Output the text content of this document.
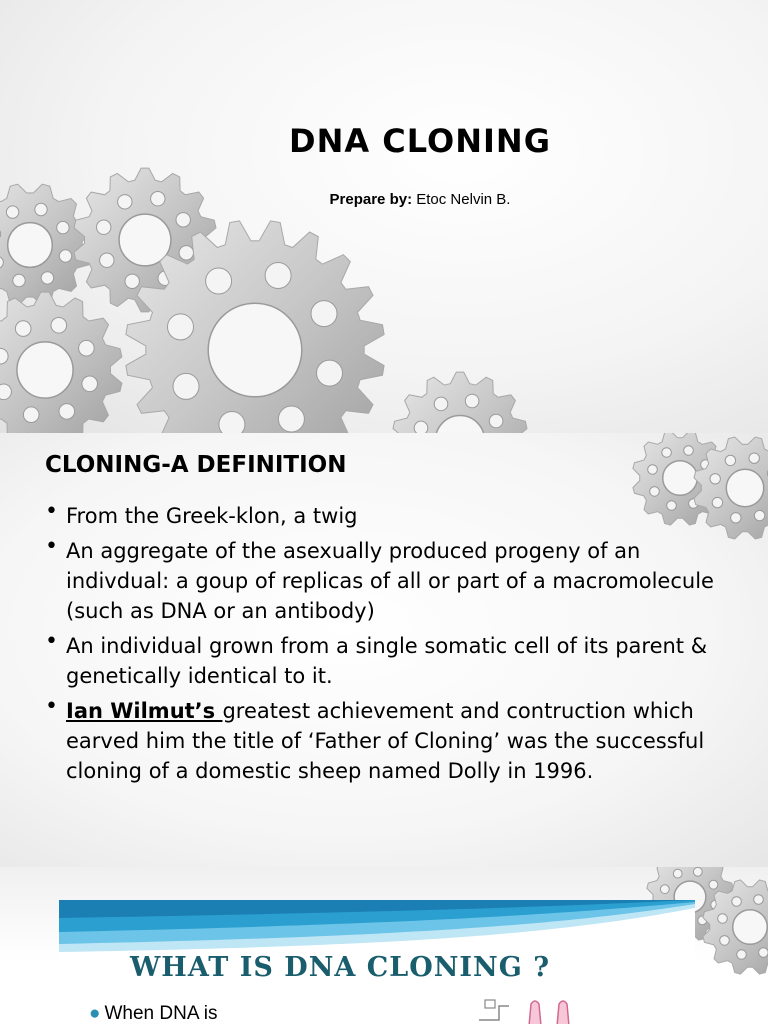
DNA CLONING
Prepare by: Etoc Nelvin B.
CLONING-A DEFINITION
• From the Greek-klon, a twig
• An aggregate of the asexually produced progeny of an indivdual: a goup of replicas of all or part of a macromolecule (such as DNA or an antibody)
• An individual grown from a single somatic cell of its parent & genetically identical to it.
• Ian Wilmut’s greatest achievement and contruction which earved him the title of ‘Father of Cloning’ was the successful cloning of a domestic sheep named Dolly in 1996.
WHAT IS DNA CLONING ?
● When DNA is
